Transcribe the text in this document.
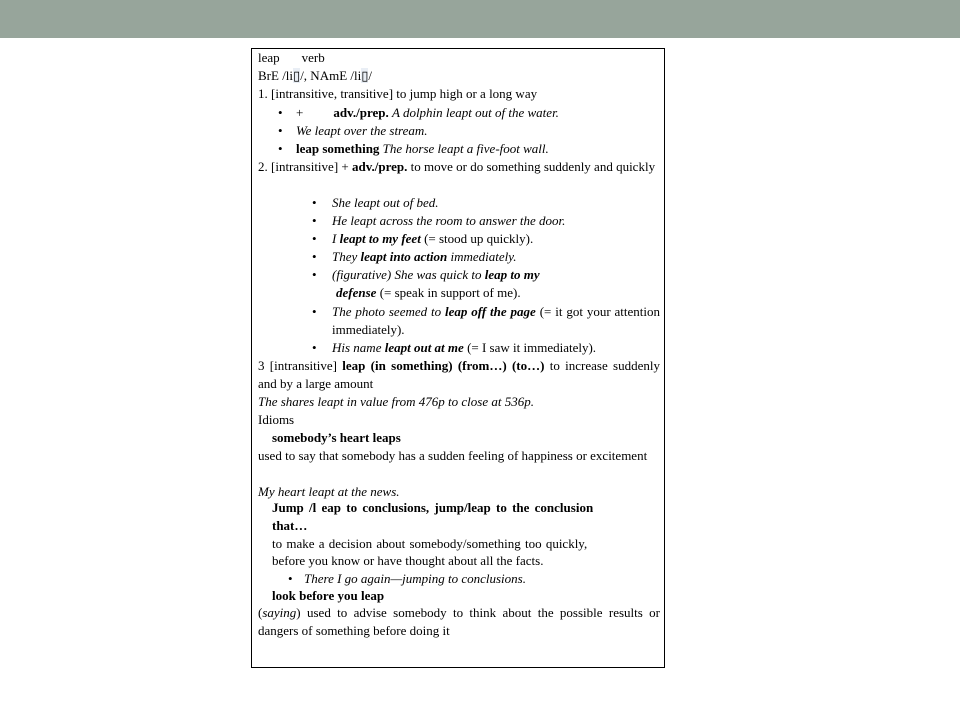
leap verb
BrE /li▯/, NAmE /li▯/
1. [intransitive, transitive] to jump high or a long way
• + adv./prep. A dolphin leapt out of the water.
• We leapt over the stream.
• leap something The horse leapt a five-foot wall.
2. [intransitive] + adv./prep. to move or do something suddenly and quickly
• She leapt out of bed.
• He leapt across the room to answer the door.
• I leapt to my feet (= stood up quickly).
• They leapt into action immediately.
• (figurative) She was quick to leap to my
defense (= speak in support of me).
• The photo seemed to leap off the page (= it got your attention immediately).
• His name leapt out at me (= I saw it immediately).
3 [intransitive] leap (in something) (from…) (to…) to increase suddenly and by a large amount
The shares leapt in value from 476p to close at 536p.
Idioms
somebody’s heart leaps
used to say that somebody has a sudden feeling of happiness or excitement
My heart leapt at the news.
Jump /l eap to conclusions, jump/leap to the conclusion
that…
to make a decision about somebody/something too quickly,
before you know or have thought about all the facts.
• There I go again—jumping to conclusions.
look before you leap
(saying) used to advise somebody to think about the possible results or dangers of something before doing it
